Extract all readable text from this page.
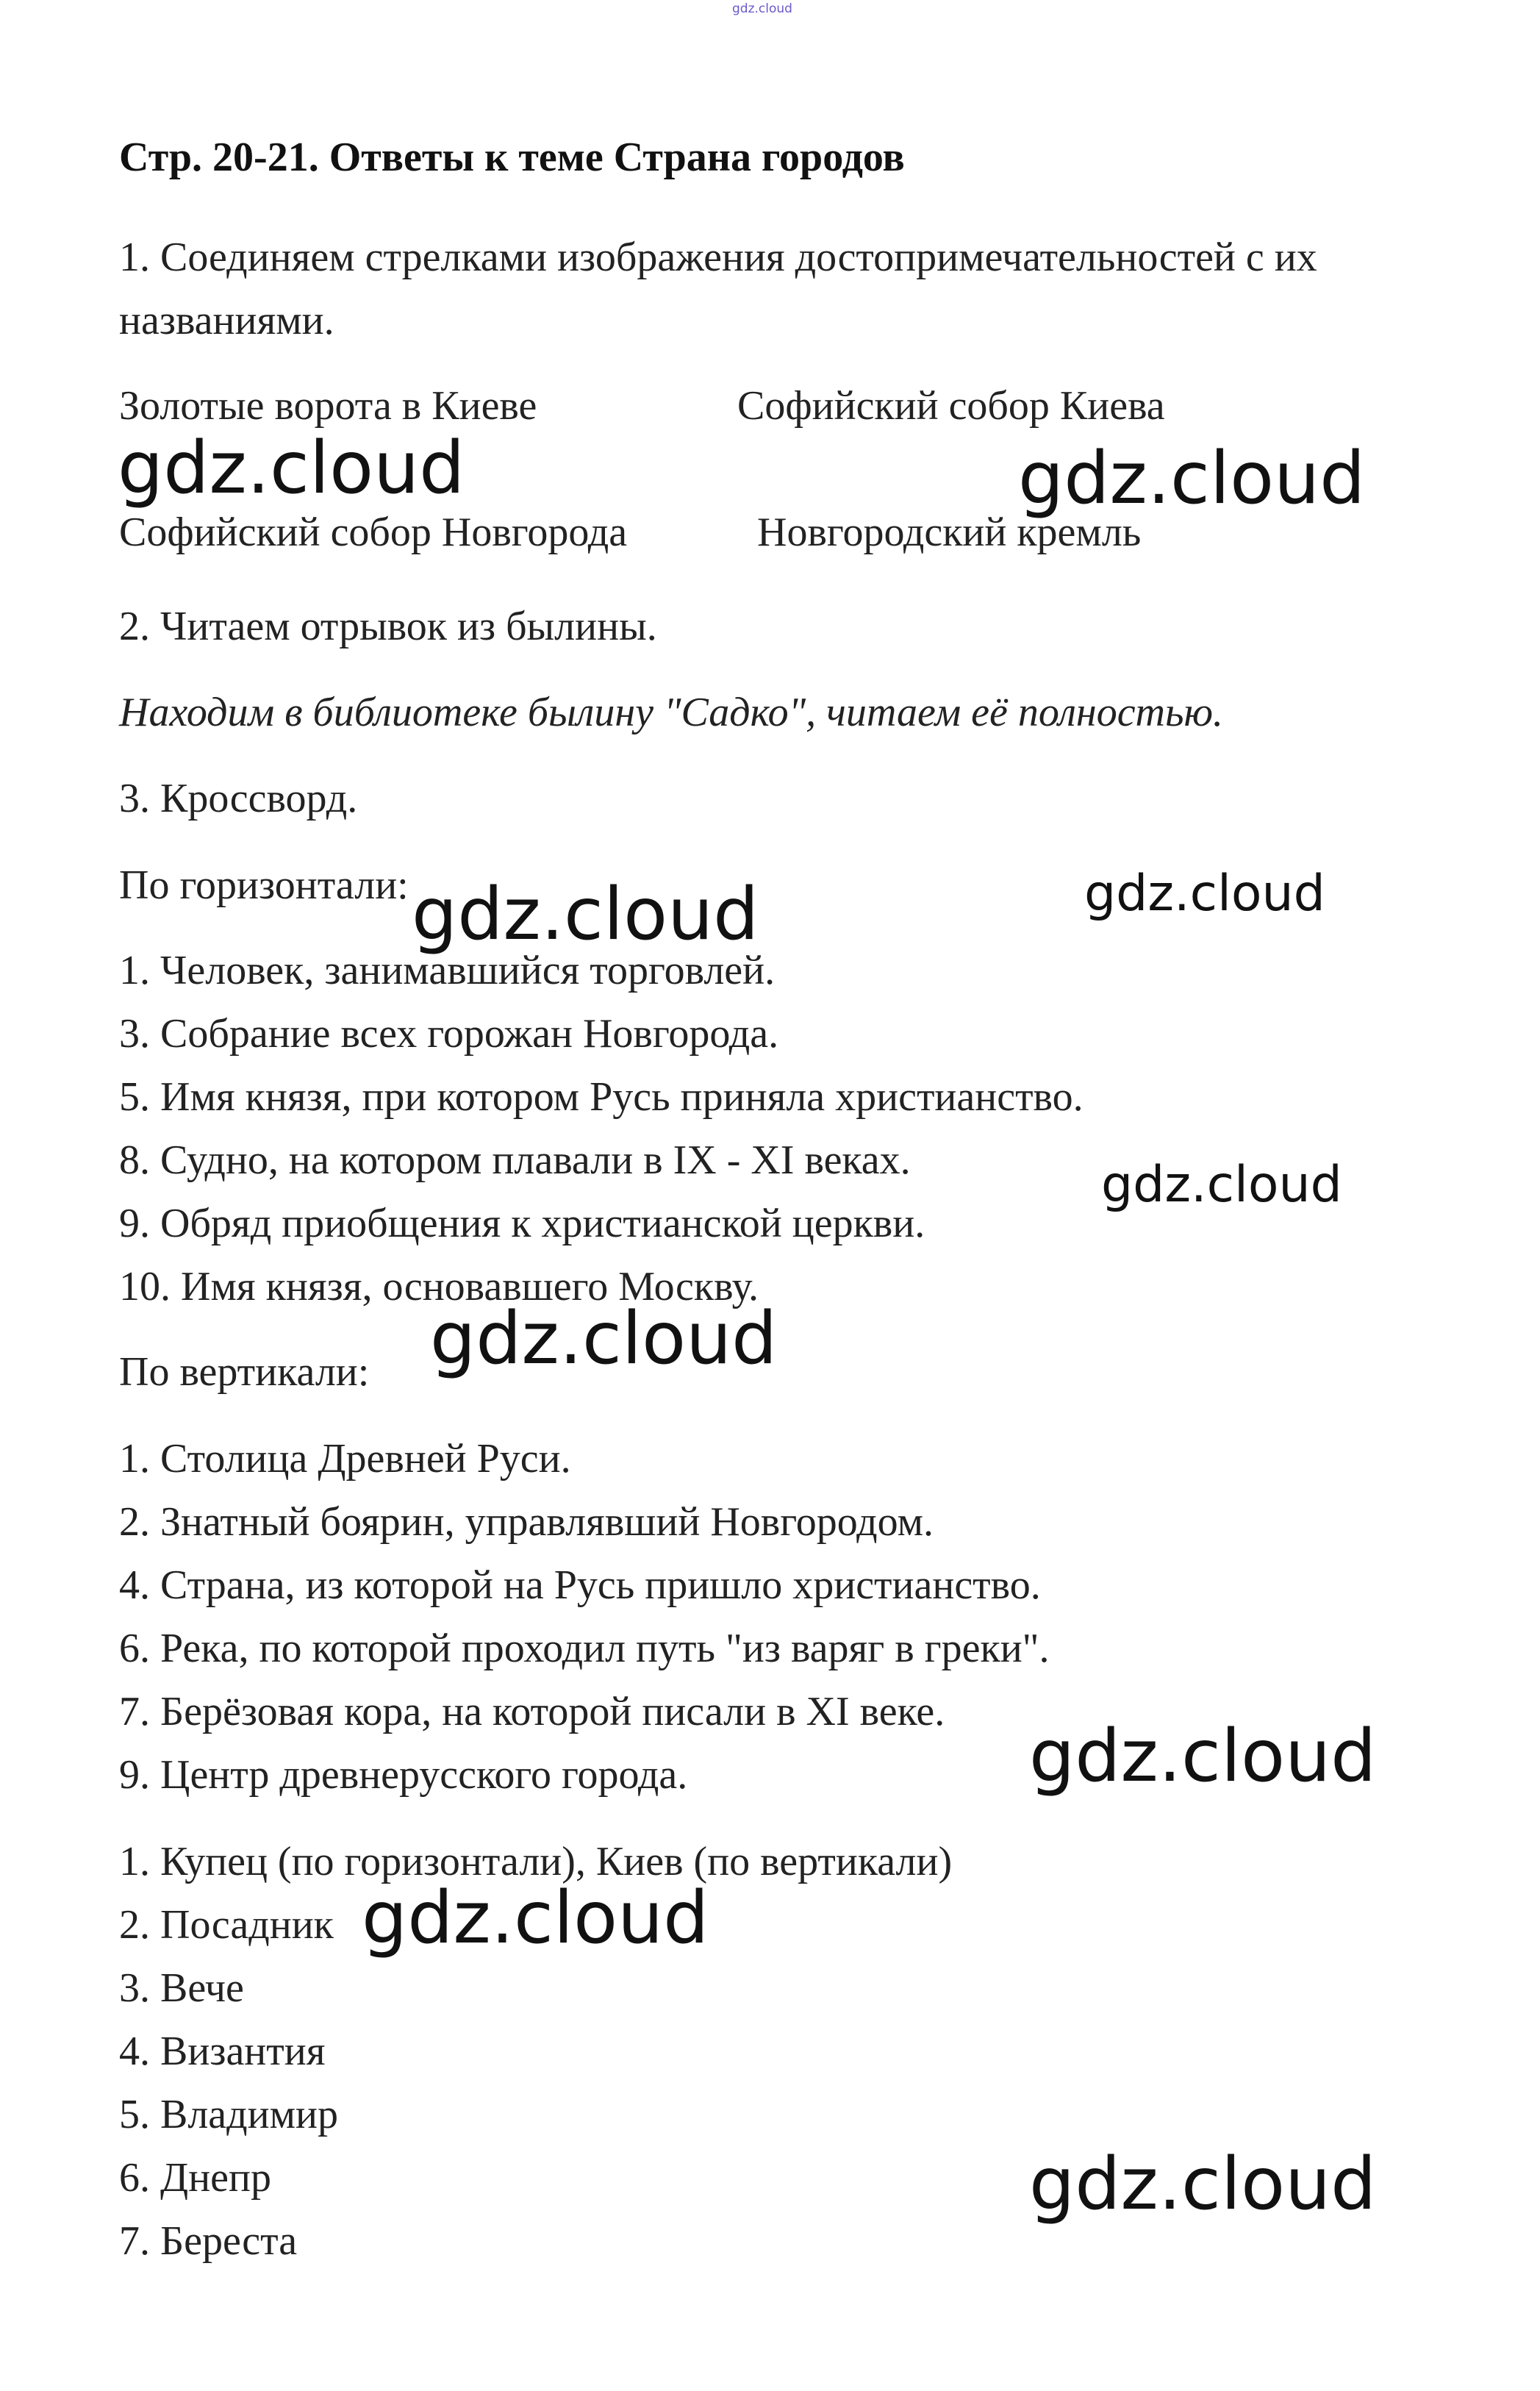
gdz.cloud
Стр. 20-21. Ответы к теме Страна городов
1. Соединяем стрелками изображения достопримечательностей с их
названиями.
Золотые ворота в Киеве	Софийский собор Киева
Софийский собор Новгорода	Новгородский кремль
2. Читаем отрывок из былины.
Находим в библиотеке былину "Садко", читаем её полностью.
3. Кроссворд.
По горизонтали:
1. Человек, занимавшийся торговлей.
3. Собрание всех горожан Новгорода.
5. Имя князя, при котором Русь приняла христианство.
8. Судно, на котором плавали в IX - XI веках.
9. Обряд приобщения к христианской церкви.
10. Имя князя, основавшего Москву.
По вертикали:
1. Столица Древней Руси.
2. Знатный боярин, управлявший Новгородом.
4. Страна, из которой на Русь пришло христианство.
6. Река, по которой проходил путь "из варяг в греки".
7. Берёзовая кора, на которой писали в XI веке.
9. Центр древнерусского города.
1. Купец (по горизонтали), Киев (по вертикали)
2. Посадник
3. Вече
4. Византия
5. Владимир
6. Днепр
7. Береста
gdz.cloud	gdz.cloud
gdz.cloud	gdz.cloud
gdz.cloud
gdz.cloud
gdz.cloud
gdz.cloud
gdz.cloud
